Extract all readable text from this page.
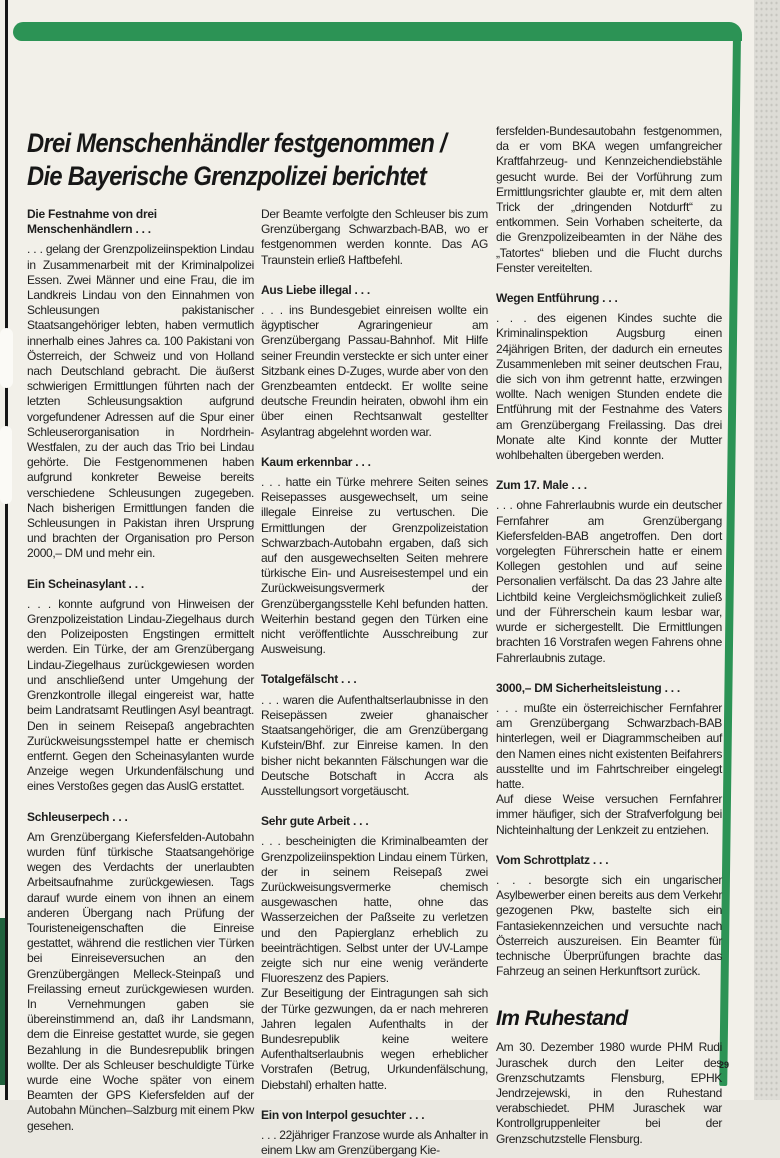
Drei Menschenhändler festgenommen /
Die Bayerische Grenzpolizei berichtet
Die Festnahme von drei Menschenhändlern . . .

. . . gelang der Grenzpolizeiinspektion Lindau in Zusammenarbeit mit der Kriminalpolizei Essen. Zwei Männer und eine Frau, die im Landkreis Lindau von den Einnahmen von Schleusungen pakistanischer Staatsangehöriger lebten, haben vermutlich innerhalb eines Jahres ca. 100 Pakistani von Österreich, der Schweiz und von Holland nach Deutschland gebracht. Die äußerst schwierigen Ermittlungen führten nach der letzten Schleusungsaktion aufgrund vorgefundener Adressen auf die Spur einer Schleuserorganisation in Nordrhein-Westfalen, zu der auch das Trio bei Lindau gehörte. Die Festgenommenen haben aufgrund konkreter Beweise bereits verschiedene Schleusungen zugegeben. Nach bisherigen Ermittlungen fanden die Schleusungen in Pakistan ihren Ursprung und brachten der Organisation pro Person 2000,– DM und mehr ein.

Ein Scheinasylant . . .

. . . konnte aufgrund von Hinweisen der Grenzpolizeistation Lindau-Ziegelhaus durch den Polizeiposten Engstingen ermittelt werden. Ein Türke, der am Grenzübergang Lindau-Ziegelhaus zurückgewiesen worden und anschließend unter Umgehung der Grenzkontrolle illegal eingereist war, hatte beim Landratsamt Reutlingen Asyl beantragt. Den in seinem Reisepaß angebrachten Zurückweisungsstempel hatte er chemisch entfernt. Gegen den Scheinasylanten wurde Anzeige wegen Urkundenfälschung und eines Verstoßes gegen das AuslG erstattet.

Schleuserpech . . .

Am Grenzübergang Kiefersfelden-Autobahn wurden fünf türkische Staatsangehörige wegen des Verdachts der unerlaubten Arbeitsaufnahme zurückgewiesen. Tags darauf wurde einem von ihnen an einem anderen Übergang nach Prüfung der Touristeneigenschaften die Einreise gestattet, während die restlichen vier Türken bei Einreiseversuchen an den Grenzübergängen Melleck-Steinpaß und Freilassing erneut zurückgewiesen wurden. In Vernehmungen gaben sie übereinstimmend an, daß ihr Landsmann, dem die Einreise gestattet wurde, sie gegen Bezahlung in die Bundesrepublik bringen wollte. Der als Schleuser beschuldigte Türke wurde eine Woche später von einem Beamten der GPS Kiefersfelden auf der Autobahn München–Salzburg mit einem Pkw gesehen.

Der Beamte verfolgte den Schleuser bis zum Grenzübergang Schwarzbach-BAB, wo er festgenommen werden konnte. Das AG Traunstein erließ Haftbefehl.

Aus Liebe illegal . . .

. . . ins Bundesgebiet einreisen wollte ein ägyptischer Agraringenieur am Grenzübergang Passau-Bahnhof. Mit Hilfe seiner Freundin versteckte er sich unter einer Sitzbank eines D-Zuges, wurde aber von den Grenzbeamten entdeckt. Er wollte seine deutsche Freundin heiraten, obwohl ihm ein über einen Rechtsanwalt gestellter Asylantrag abgelehnt worden war.

Kaum erkennbar . . .

. . . hatte ein Türke mehrere Seiten seines Reisepasses ausgewechselt, um seine illegale Einreise zu vertuschen. Die Ermittlungen der Grenzpolizeistation Schwarzbach-Autobahn ergaben, daß sich auf den ausgewechselten Seiten mehrere türkische Ein- und Ausreisestempel und ein Zurückweisungsvermerk der Grenzübergangsstelle Kehl befunden hatten. Weiterhin bestand gegen den Türken eine nicht veröffentlichte Ausschreibung zur Ausweisung.

Totalgefälscht . . .

. . . waren die Aufenthaltserlaubnisse in den Reisepässen zweier ghanaischer Staatsangehöriger, die am Grenzübergang Kufstein/Bhf. zur Einreise kamen. In den bisher nicht bekannten Fälschungen war die Deutsche Botschaft in Accra als Ausstellungsort vorgetäuscht.

Sehr gute Arbeit . . .

. . . bescheinigten die Kriminalbeamten der Grenzpolizeiinspektion Lindau einem Türken, der in seinem Reisepaß zwei Zurückweisungsvermerke chemisch ausgewaschen hatte, ohne das Wasserzeichen der Paßseite zu verletzen und den Papierglanz erheblich zu beeinträchtigen. Selbst unter der UV-Lampe zeigte sich nur eine wenig veränderte Fluoreszenz des Papiers.

Zur Beseitigung der Eintragungen sah sich der Türke gezwungen, da er nach mehreren Jahren legalen Aufenthalts in der Bundesrepublik keine weitere Aufenthaltserlaubnis wegen erheblicher Vorstrafen (Betrug, Urkundenfälschung, Diebstahl) erhalten hatte.

Ein von Interpol gesuchter . . .

. . . 22jähriger Franzose wurde als Anhalter in einem Lkw am Grenzübergang Kie-

fersfelden-Bundesautobahn festgenommen, da er vom BKA wegen umfangreicher Kraftfahrzeug- und Kennzeichendiebstähle gesucht wurde. Bei der Vorführung zum Ermittlungsrichter glaubte er, mit dem alten Trick der „dringenden Notdurft“ zu entkommen. Sein Vorhaben scheiterte, da die Grenzpolizeibeamten in der Nähe des „Tatortes“ blieben und die Flucht durchs Fenster vereitelten.

Wegen Entführung . . .

. . . des eigenen Kindes suchte die Kriminalinspektion Augsburg einen 24jährigen Briten, der dadurch ein erneutes Zusammenleben mit seiner deutschen Frau, die sich von ihm getrennt hatte, erzwingen wollte. Nach wenigen Stunden endete die Entführung mit der Festnahme des Vaters am Grenzübergang Freilassing. Das drei Monate alte Kind konnte der Mutter wohlbehalten übergeben werden.

Zum 17. Male . . .

. . . ohne Fahrerlaubnis wurde ein deutscher Fernfahrer am Grenzübergang Kiefersfelden-BAB angetroffen. Den dort vorgelegten Führerschein hatte er einem Kollegen gestohlen und auf seine Personalien verfälscht. Da das 23 Jahre alte Lichtbild keine Vergleichsmöglichkeit zuließ und der Führerschein kaum lesbar war, wurde er sichergestellt. Die Ermittlungen brachten 16 Vorstrafen wegen Fahrens ohne Fahrerlaubnis zutage.

3000,– DM Sicherheitsleistung . . .

. . . mußte ein österreichischer Fernfahrer am Grenzübergang Schwarzbach-BAB hinterlegen, weil er Diagrammscheiben auf den Namen eines nicht existenten Beifahrers ausstellte und im Fahrtschreiber eingelegt hatte.

Auf diese Weise versuchen Fernfahrer immer häufiger, sich der Strafverfolgung bei Nichteinhaltung der Lenkzeit zu entziehen.

Vom Schrottplatz . . .

. . . besorgte sich ein ungarischer Asylbewerber einen bereits aus dem Verkehr gezogenen Pkw, bastelte sich ein Fantasiekennzeichen und versuchte nach Österreich auszureisen. Ein Beamter für technische Überprüfungen brachte das Fahrzeug an seinen Herkunftsort zurück.

Im Ruhestand

Am 30. Dezember 1980 wurde PHM Rudi Juraschek durch den Leiter des Grenzschutzamts Flensburg, EPHK Jendrzejewski, in den Ruhestand verabschiedet. PHM Juraschek war Kontrollgruppenleiter bei der Grenzschutzstelle Flensburg.

29
